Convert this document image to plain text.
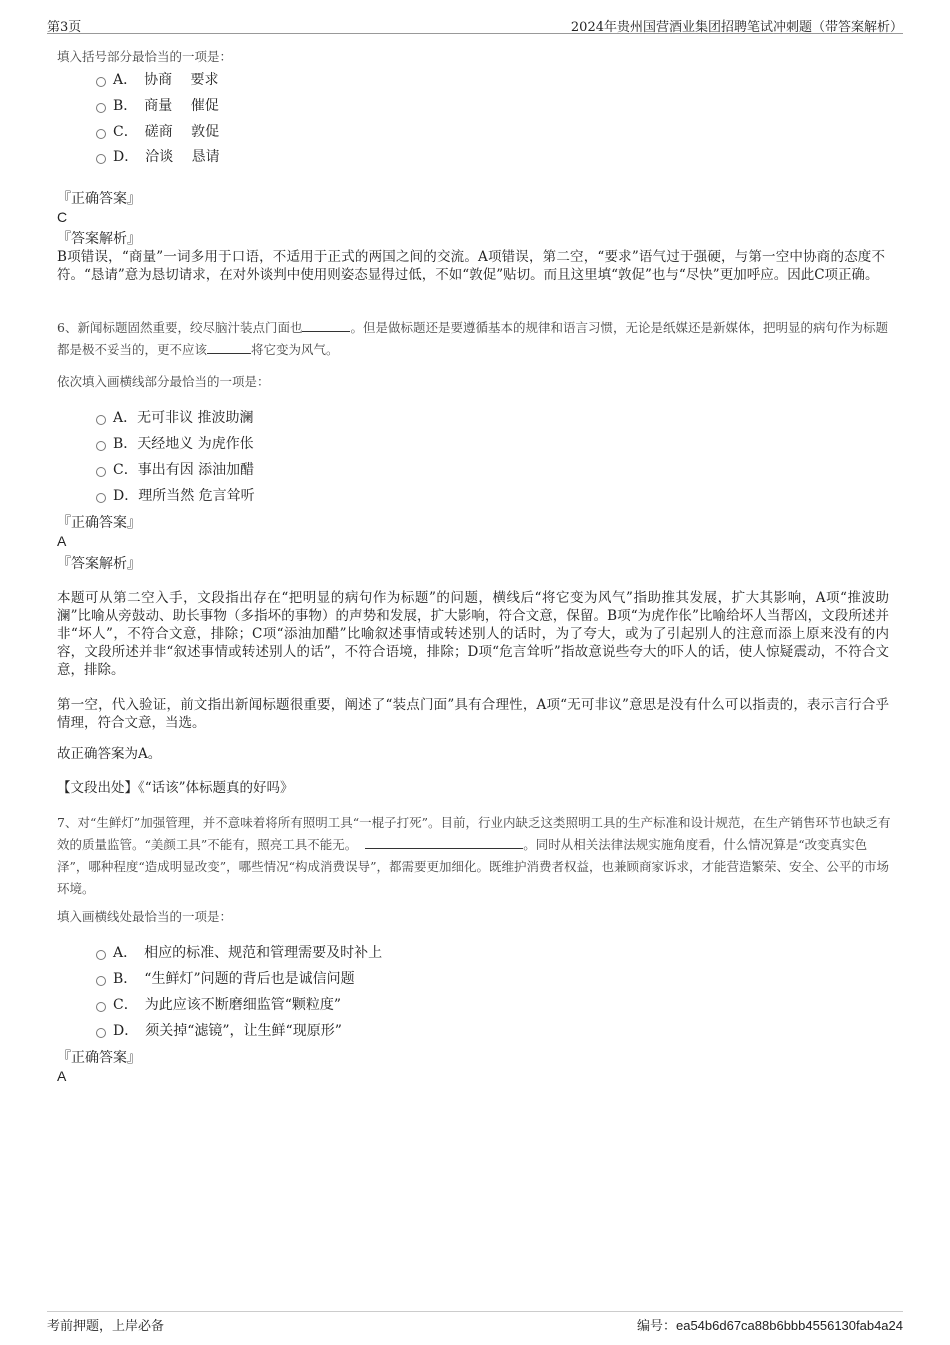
第3页	2024年贵州国营酒业集团招聘笔试冲刺题（带答案解析）
填入括号部分最恰当的一项是：
A．　协商　 要求
B．　商量　 催促
C．　磋商　 敦促
D．　洽谈　 恳请
『正确答案』
C
『答案解析』
B项错误，“商量”一词多用于口语，不适用于正式的两国之间的交流。A项错误，第二空，“要求”语气过于强硬，与第一空中协商的态度不符。“恳请”意为恳切请求，在对外谈判中使用则姿态显得过低，不如“敦促”贴切。而且这里填“敦促”也与“尽快”更加呼应。因此C项正确。
6、新闻标题固然重要，绞尽脑汁装点门面也	。但是做标题还是要遵循基本的规律和语言习惯，无论是纸媒还是新媒体，把明显的病句作为标题都是极不妥当的，更不应该	将它变为风气。
依次填入画横线部分最恰当的一项是：
A．无可非议 推波助澜
B．天经地义 为虎作伥
C．事出有因 添油加醋
D．理所当然 危言耸听
『正确答案』
A
『答案解析』
本题可从第二空入手，文段指出存在“把明显的病句作为标题”的问题，横线后“将它变为风气”指助推其发展，扩大其影响，A项“推波助澜”比喻从旁鼓动、助长事物（多指坏的事物）的声势和发展，扩大影响，符合文意，保留。B项“为虎作伥”比喻给坏人当帮凶，文段所述并非“坏人”，不符合文意，排除；C项“添油加醋”比喻叙述事情或转述别人的话时，为了夸大，或为了引起别人的注意而添上原来没有的内容，文段所述并非“叙述事情或转述别人的话”，不符合语境，排除；D项“危言耸听”指故意说些夸大的吓人的话，使人惊疑震动，不符合文意，排除。
第一空，代入验证，前文指出新闻标题很重要，阐述了“装点门面”具有合理性，A项“无可非议”意思是没有什么可以指责的，表示言行合乎情理，符合文意，当选。
故正确答案为A。
【文段出处】《“话该”体标题真的好吗》
7、对“生鲜灯”加强管理，并不意味着将所有照明工具“一棍子打死”。目前，行业内缺乏这类照明工具的生产标准和设计规范，在生产销售环节也缺乏有效的质量监管。“美颜工具”不能有，照亮工具不能无。	。同时从相关法律法规实施角度看，什么情况算是“改变真实色泽”，哪种程度“造成明显改变”，哪些情况“构成消费误导”，都需要更加细化。既维护消费者权益，也兼顾商家诉求，才能营造繁荣、安全、公平的市场环境。
填入画横线处最恰当的一项是：
A．　相应的标准、规范和管理需要及时补上
B．　“生鲜灯”问题的背后也是诚信问题
C．　为此应该不断磨细监管“颗粒度”
D．　须关掉“滤镜”，让生鲜“现原形”
『正确答案』
A
考前押题，上岸必备	编号：ea54b6d67ca88b6bbb4556130fab4a24
